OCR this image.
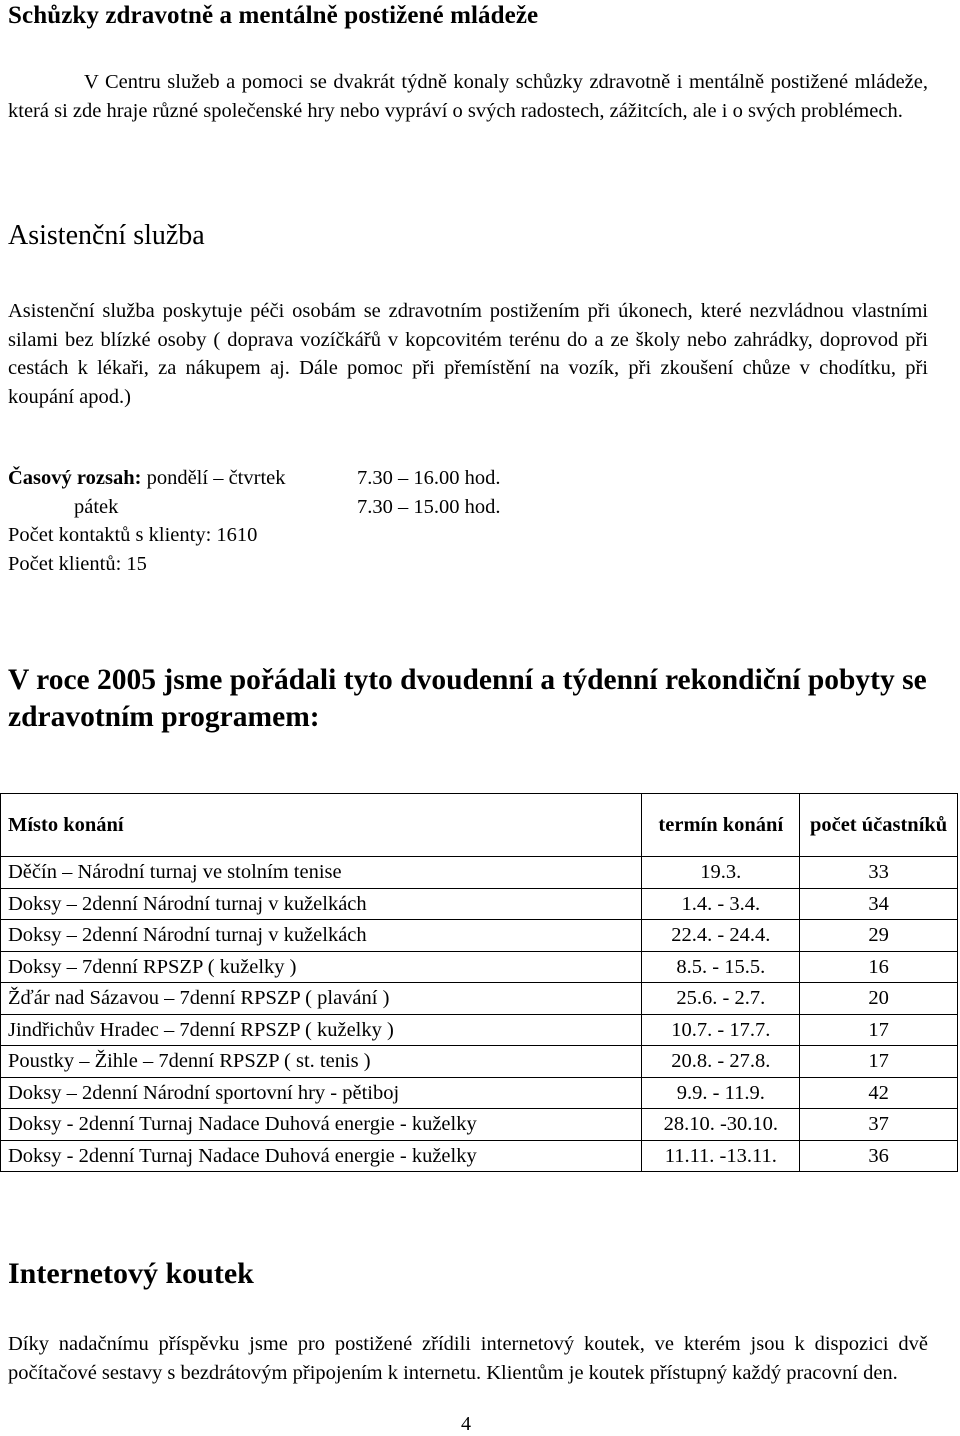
Schůzky zdravotně a mentálně postižené mládeže

V Centru služeb a pomoci se dvakrát týdně konaly schůzky zdravotně i mentálně postižené mládeže, která si zde hraje různé společenské hry nebo vypráví o svých radostech, zážitcích, ale i o svých problémech.

Asistenční služba

Asistenční služba poskytuje péči osobám se zdravotním postižením při úkonech, které nezvládnou vlastními silami bez blízké osoby ( doprava vozíčkářů v kopcovitém terénu do a ze školy nebo zahrádky, doprovod při cestách k lékaři, za nákupem aj. Dále pomoc při přemístění na vozík, při zkoušení chůze v chodítku, při koupání apod.)

Časový rozsah: pondělí – čtvrtek	7.30 – 16.00 hod.
pátek	7.30 – 15.00 hod.
Počet kontaktů s klienty: 1610
Počet klientů: 15
V roce 2005 jsme pořádali tyto dvoudenní a týdenní rekondiční pobyty se zdravotním programem:
Místo konání	termín konání	počet účastníků
Děčín – Národní turnaj ve stolním tenise	19.3.	33
Doksy – 2denní Národní turnaj v kuželkách	1.4. - 3.4.	34
Doksy – 2denní Národní turnaj v kuželkách	22.4. - 24.4.	29
Doksy – 7denní RPSZP ( kuželky )	8.5. - 15.5.	16
Žďár nad Sázavou – 7denní RPSZP ( plavání )	25.6. - 2.7.	20
Jindřichův Hradec – 7denní RPSZP ( kuželky )	10.7. - 17.7.	17
Poustky – Žihle – 7denní RPSZP ( st. tenis )	20.8. - 27.8.	17
Doksy – 2denní Národní sportovní hry - pětiboj	9.9. - 11.9.	42
Doksy - 2denní Turnaj Nadace Duhová energie - kuželky	28.10. -30.10.	37
Doksy - 2denní Turnaj Nadace Duhová energie - kuželky	11.11. -13.11.	36
Internetový koutek

Díky nadačnímu příspěvku jsme pro postižené zřídili internetový koutek, ve kterém jsou k dispozici dvě počítačové sestavy s bezdrátovým připojením k internetu. Klientům je koutek přístupný každý pracovní den.

4
